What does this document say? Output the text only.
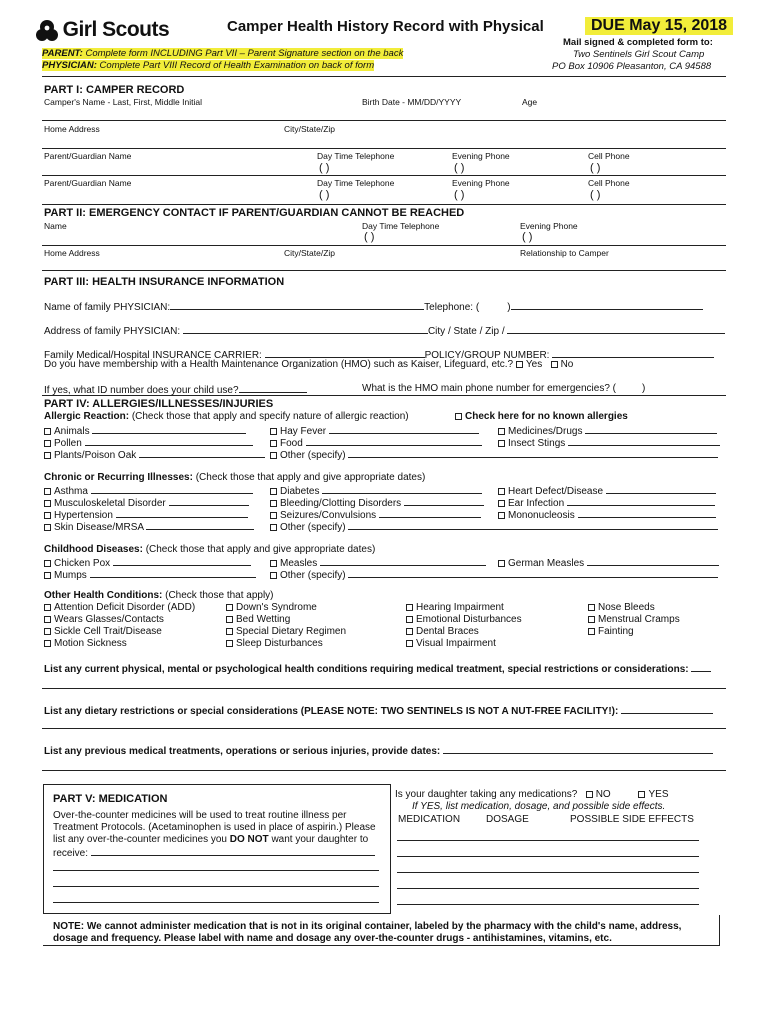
Girl Scouts	Camper Health History Record with Physical	DUE May 15, 2018
PARENT: Complete form INCLUDING Part VII – Parent Signature section on the back
PHYSICIAN: Complete Part VIII Record of Health Examination on back of form
Mail signed & completed form to:
Two Sentinels Girl Scout Camp
PO Box 10906 Pleasanton, CA 94588
PART I: CAMPER RECORD
Camper's Name - Last, First, Middle Initial	Birth Date - MM/DD/YYYY	Age
Home Address	City/State/Zip
Parent/Guardian Name	Day Time Telephone	Evening Phone	Cell Phone
( )	( )	( )
Parent/Guardian Name	Day Time Telephone	Evening Phone	Cell Phone
( )	( )	( )
PART II: EMERGENCY CONTACT IF PARENT/GUARDIAN CANNOT BE REACHED
Name	Day Time Telephone	Evening Phone
( )	( )
Home Address	City/State/Zip	Relationship to Camper
PART III: HEALTH INSURANCE INFORMATION
Name of family PHYSICIAN:	Telephone: (	)
Address of family PHYSICIAN:	City / State / Zip /
Family Medical/Hospital INSURANCE CARRIER:	POLICY/GROUP NUMBER:
Do you have membership with a Health Maintenance Organization (HMO) such as Kaiser, Lifeguard, etc.? Yes No
If yes, what ID number does your child use?	What is the HMO main phone number for emergencies? (	)
PART IV: ALLERGIES/ILLNESSES/INJURIES
Allergic Reaction: (Check those that apply and specify nature of allergic reaction)	Check here for no known allergies
Animals	Hay Fever	Medicines/Drugs
Pollen	Food	Insect Stings
Plants/Poison Oak	Other (specify)
Chronic or Recurring Illnesses: (Check those that apply and give appropriate dates)
Asthma	Diabetes	Heart Defect/Disease
Musculoskeletal Disorder	Bleeding/Clotting Disorders	Ear Infection
Hypertension	Seizures/Convulsions	Mononucleosis
Skin Disease/MRSA	Other (specify)
Childhood Diseases: (Check those that apply and give appropriate dates)
Chicken Pox	Measles	German Measles
Mumps	Other (specify)
Other Health Conditions: (Check those that apply)
Attention Deficit Disorder (ADD)	Down's Syndrome	Hearing Impairment	Nose Bleeds
Wears Glasses/Contacts	Bed Wetting	Emotional Disturbances	Menstrual Cramps
Sickle Cell Trait/Disease	Special Dietary Regimen	Dental Braces	Fainting
Motion Sickness	Sleep Disturbances	Visual Impairment
List any current physical, mental or psychological health conditions requiring medical treatment, special restrictions or considerations:
List any dietary restrictions or special considerations (PLEASE NOTE: TWO SENTINELS IS NOT A NUT-FREE FACILITY!):
List any previous medical treatments, operations or serious injuries, provide dates:
PART V: MEDICATION
Over-the-counter medicines will be used to treat routine illness per
Treatment Protocols. (Acetaminophen is used in place of aspirin.) Please
list any over-the-counter medicines you DO NOT want your daughter to
receive:
Is your daughter taking any medications? NO	YES
If YES, list medication, dosage, and possible side effects.
MEDICATION	DOSAGE	POSSIBLE SIDE EFFECTS
NOTE: We cannot administer medication that is not in its original container, labeled by the pharmacy with the child's name, address,
dosage and frequency. Please label with name and dosage any over-the-counter drugs - antihistamines, vitamins, etc.
